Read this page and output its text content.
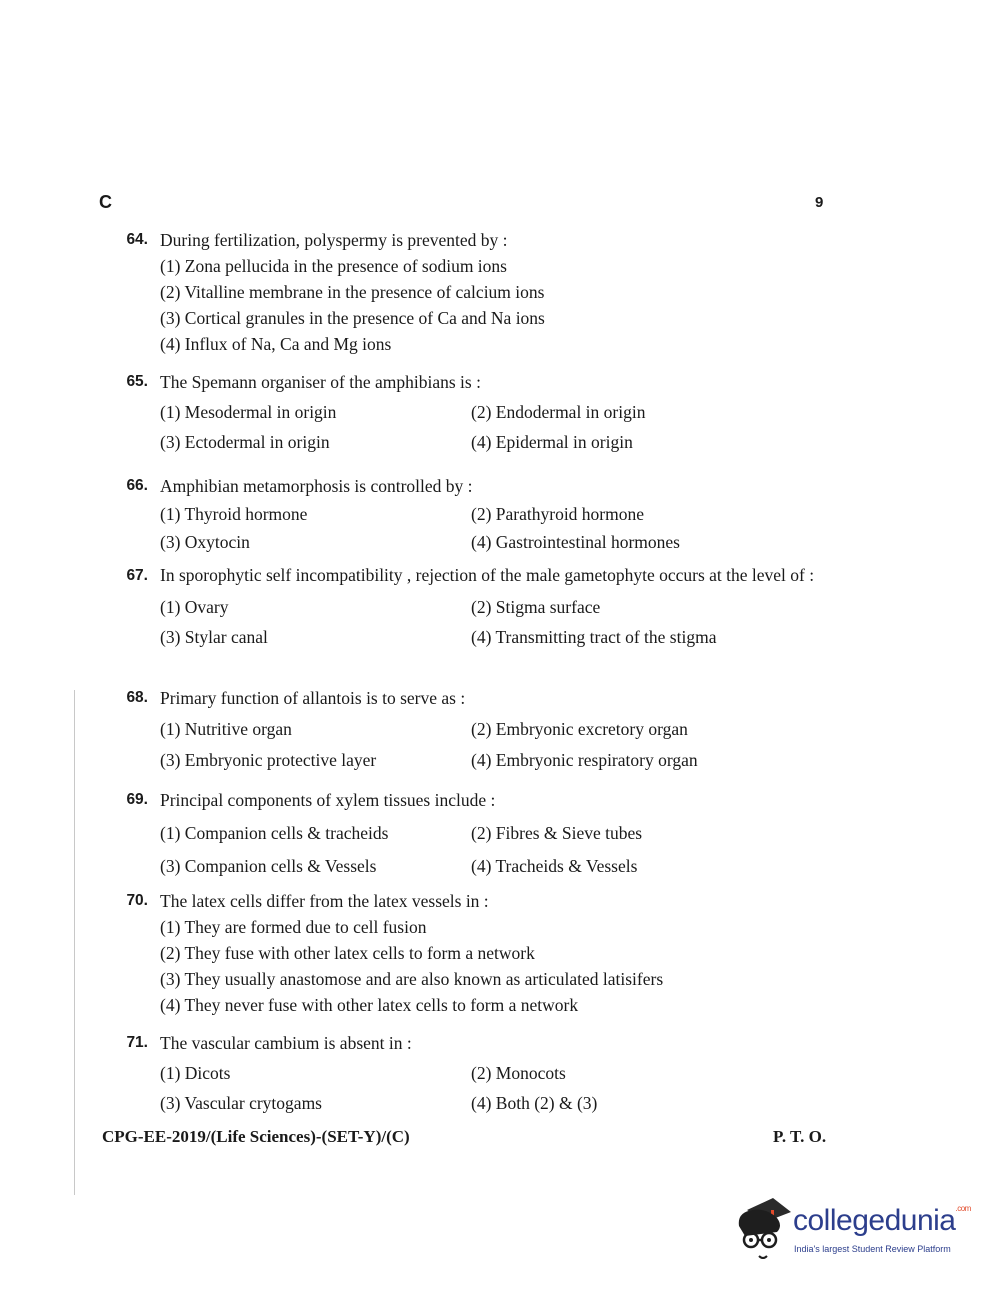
C	9
64. During fertilization, polyspermy is prevented by :
(1) Zona pellucida in the presence of sodium ions
(2) Vitalline membrane in the presence of calcium ions
(3) Cortical granules in the presence of Ca and Na ions
(4) Influx of Na, Ca and Mg ions
65. The Spemann organiser of the amphibians is :
(1) Mesodermal in origin	(2) Endodermal in origin
(3) Ectodermal in origin	(4) Epidermal in origin
66. Amphibian metamorphosis is controlled by :
(1) Thyroid hormone	(2) Parathyroid hormone
(3) Oxytocin	(4) Gastrointestinal hormones
67. In sporophytic self incompatibility , rejection of the male gametophyte occurs at the level of :
(1) Ovary	(2) Stigma surface
(3) Stylar canal	(4) Transmitting tract of the stigma
68. Primary function of allantois is to serve as :
(1) Nutritive organ	(2) Embryonic excretory organ
(3) Embryonic protective layer	(4) Embryonic respiratory organ
69. Principal components of xylem tissues include :
(1) Companion cells & tracheids	(2) Fibres & Sieve tubes
(3) Companion cells & Vessels	(4) Tracheids & Vessels
70. The latex cells differ from the latex vessels in :
(1) They are formed due to cell fusion
(2) They fuse with other latex cells to form a network
(3) They usually anastomose and are also known as articulated latisifers
(4) They never fuse with other latex cells to form a network
71. The vascular cambium is absent in :
(1) Dicots	(2) Monocots
(3) Vascular crytogams	(4) Both (2) & (3)
CPG-EE-2019/(Life Sciences)-(SET-Y)/(C)	P. T. O.
collegedunia$^{.com}$
India's largest Student Review Platform
